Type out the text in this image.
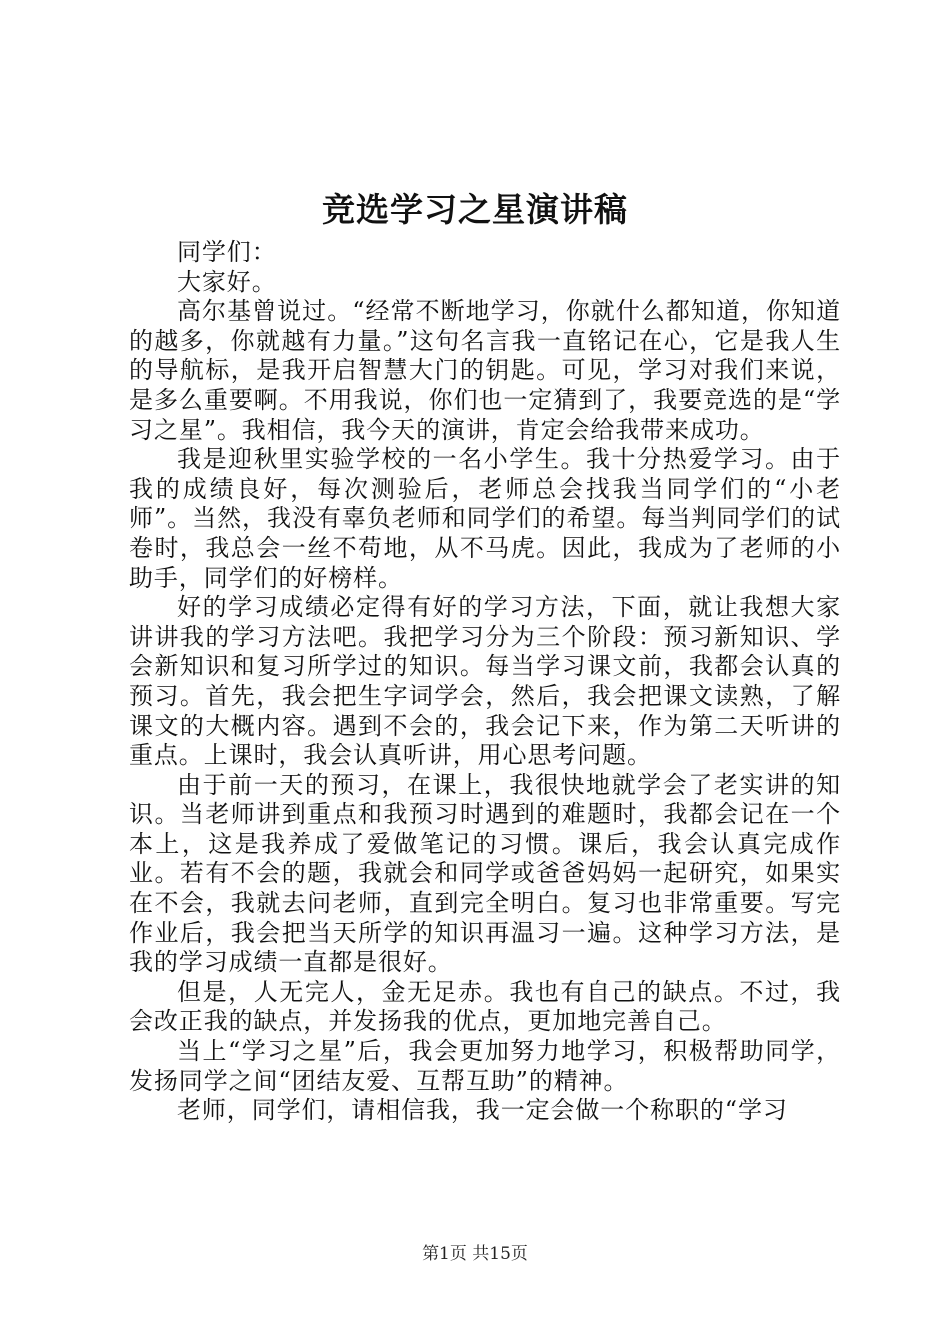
竞选学习之星演讲稿

同学们：

大家好。

高尔基曾说过。“经常不断地学习，你就什么都知道，你知道的越多，你就越有力量。”这句名言我一直铭记在心，它是我人生的导航标，是我开启智慧大门的钥匙。可见，学习对我们来说，是多么重要啊。不用我说，你们也一定猜到了，我要竞选的是“学习之星”。我相信，我今天的演讲，肯定会给我带来成功。

我是迎秋里实验学校的一名小学生。我十分热爱学习。由于我的成绩良好，每次测验后，老师总会找我当同学们的“小老师”。当然，我没有辜负老师和同学们的希望。每当判同学们的试卷时，我总会一丝不苟地，从不马虎。因此，我成为了老师的小助手，同学们的好榜样。

好的学习成绩必定得有好的学习方法，下面，就让我想大家讲讲我的学习方法吧。我把学习分为三个阶段：预习新知识、学会新知识和复习所学过的知识。每当学习课文前，我都会认真的预习。首先，我会把生字词学会，然后，我会把课文读熟，了解课文的大概内容。遇到不会的，我会记下来，作为第二天听讲的重点。上课时，我会认真听讲，用心思考问题。

由于前一天的预习，在课上，我很快地就学会了老实讲的知识。当老师讲到重点和我预习时遇到的难题时，我都会记在一个本上，这是我养成了爱做笔记的习惯。课后，我会认真完成作业。若有不会的题，我就会和同学或爸爸妈妈一起研究，如果实在不会，我就去问老师，直到完全明白。复习也非常重要。写完作业后，我会把当天所学的知识再温习一遍。这种学习方法，是我的学习成绩一直都是很好。

但是，人无完人，金无足赤。我也有自己的缺点。不过，我会改正我的缺点，并发扬我的优点，更加地完善自己。

当上“学习之星”后，我会更加努力地学习，积极帮助同学，发扬同学之间“团结友爱、互帮互助”的精神。

老师，同学们，请相信我，我一定会做一个称职的“学习

第1页 共15页
